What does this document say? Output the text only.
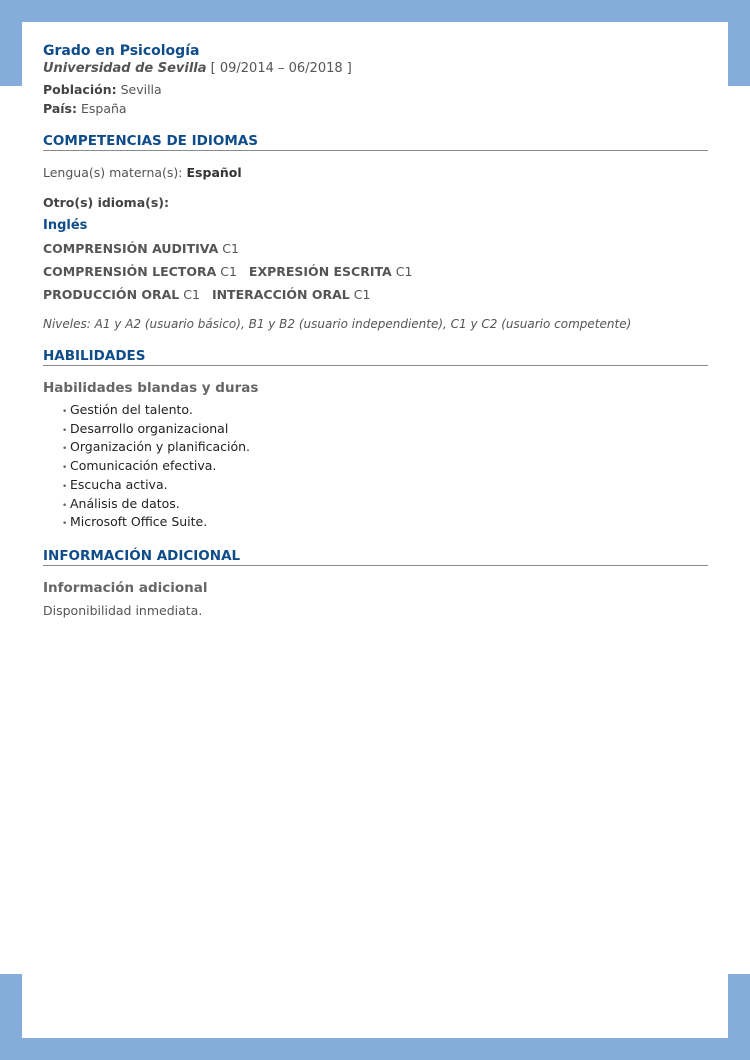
Grado en Psicología
Universidad de Sevilla [ 09/2014 – 06/2018 ]
Población: Sevilla
País: España
COMPETENCIAS DE IDIOMAS
Lengua(s) materna(s): Español
Otro(s) idioma(s):
Inglés
COMPRENSIÓN AUDITIVA C1
COMPRENSIÓN LECTORA C1 EXPRESIÓN ESCRITA C1
PRODUCCIÓN ORAL C1 INTERACCIÓN ORAL C1
Niveles: A1 y A2 (usuario básico), B1 y B2 (usuario independiente), C1 y C2 (usuario competente)
HABILIDADES
Habilidades blandas y duras
• Gestión del talento.
• Desarrollo organizacional
• Organización y planificación.
• Comunicación efectiva.
• Escucha activa.
• Análisis de datos.
• Microsoft Office Suite.
INFORMACIÓN ADICIONAL
Información adicional
Disponibilidad inmediata.
